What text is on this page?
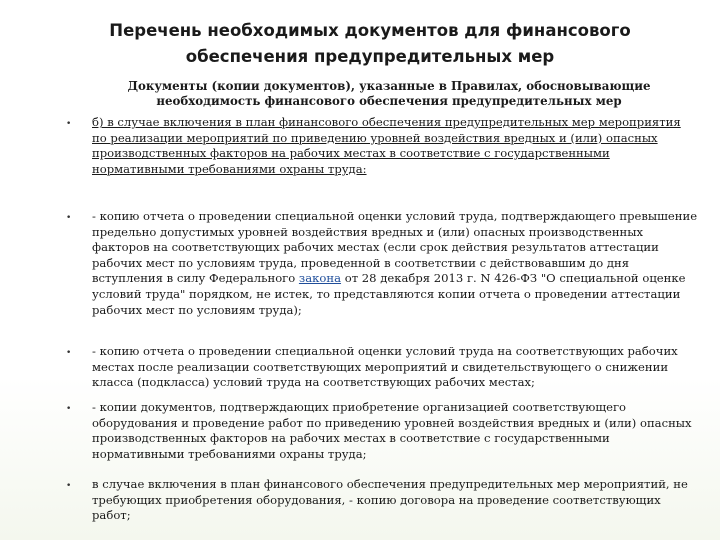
Перечень необходимых документов для финансового обеспечения предупредительных мер
Документы (копии документов), указанные в Правилах, обосновывающие необходимость финансового обеспечения предупредительных мер
• б) в случае включения в план финансового обеспечения предупредительных мер мероприятия по реализации мероприятий по приведению уровней воздействия вредных и (или) опасных производственных факторов на рабочих местах в соответствие с государственными нормативными требованиями охраны труда:
• - копию отчета о проведении специальной оценки условий труда, подтверждающего превышение предельно допустимых уровней воздействия вредных и (или) опасных производственных факторов на соответствующих рабочих местах (если срок действия результатов аттестации рабочих мест по условиям труда, проведенной в соответствии с действовавшим до дня вступления в силу Федерального закона от 28 декабря 2013 г. N 426-ФЗ "О специальной оценке условий труда" порядком, не истек, то представляются копии отчета о проведении аттестации рабочих мест по условиям труда);
• - копию отчета о проведении специальной оценки условий труда на соответствующих рабочих местах после реализации соответствующих мероприятий и свидетельствующего о снижении класса (подкласса) условий труда на соответствующих рабочих местах;
• - копии документов, подтверждающих приобретение организацией соответствующего оборудования и проведение работ по приведению уровней воздействия вредных и (или) опасных производственных факторов на рабочих местах в соответствие с государственными нормативными требованиями охраны труда;
• в случае включения в план финансового обеспечения предупредительных мер мероприятий, не требующих приобретения оборудования, - копию договора на проведение соответствующих работ;
